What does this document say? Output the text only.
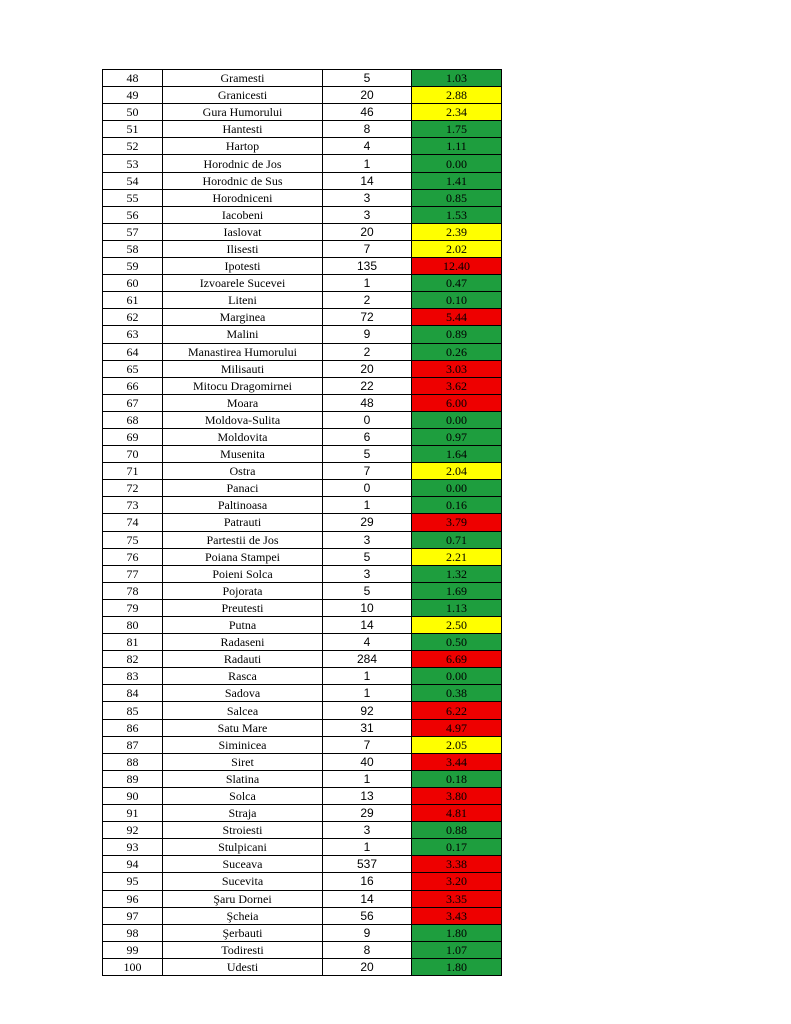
48	Gramesti	5	1.03
49	Granicesti	20	2.88
50	Gura Humorului	46	2.34
51	Hantesti	8	1.75
52	Hartop	4	1.11
53	Horodnic de Jos	1	0.00
54	Horodnic de Sus	14	1.41
55	Horodniceni	3	0.85
56	Iacobeni	3	1.53
57	Iaslovat	20	2.39
58	Ilisesti	7	2.02
59	Ipotesti	135	12.40
60	Izvoarele Sucevei	1	0.47
61	Liteni	2	0.10
62	Marginea	72	5.44
63	Malini	9	0.89
64	Manastirea Humorului	2	0.26
65	Milisauti	20	3.03
66	Mitocu Dragomirnei	22	3.62
67	Moara	48	6.00
68	Moldova-Sulita	0	0.00
69	Moldovita	6	0.97
70	Musenita	5	1.64
71	Ostra	7	2.04
72	Panaci	0	0.00
73	Paltinoasa	1	0.16
74	Patrauti	29	3.79
75	Partestii de Jos	3	0.71
76	Poiana Stampei	5	2.21
77	Poieni Solca	3	1.32
78	Pojorata	5	1.69
79	Preutesti	10	1.13
80	Putna	14	2.50
81	Radaseni	4	0.50
82	Radauti	284	6.69
83	Rasca	1	0.00
84	Sadova	1	0.38
85	Salcea	92	6.22
86	Satu Mare	31	4.97
87	Siminicea	7	2.05
88	Siret	40	3.44
89	Slatina	1	0.18
90	Solca	13	3.80
91	Straja	29	4.81
92	Stroiesti	3	0.88
93	Stulpicani	1	0.17
94	Suceava	537	3.38
95	Sucevita	16	3.20
96	Şaru Dornei	14	3.35
97	Şcheia	56	3.43
98	Şerbauti	9	1.80
99	Todiresti	8	1.07
100	Udesti	20	1.80
